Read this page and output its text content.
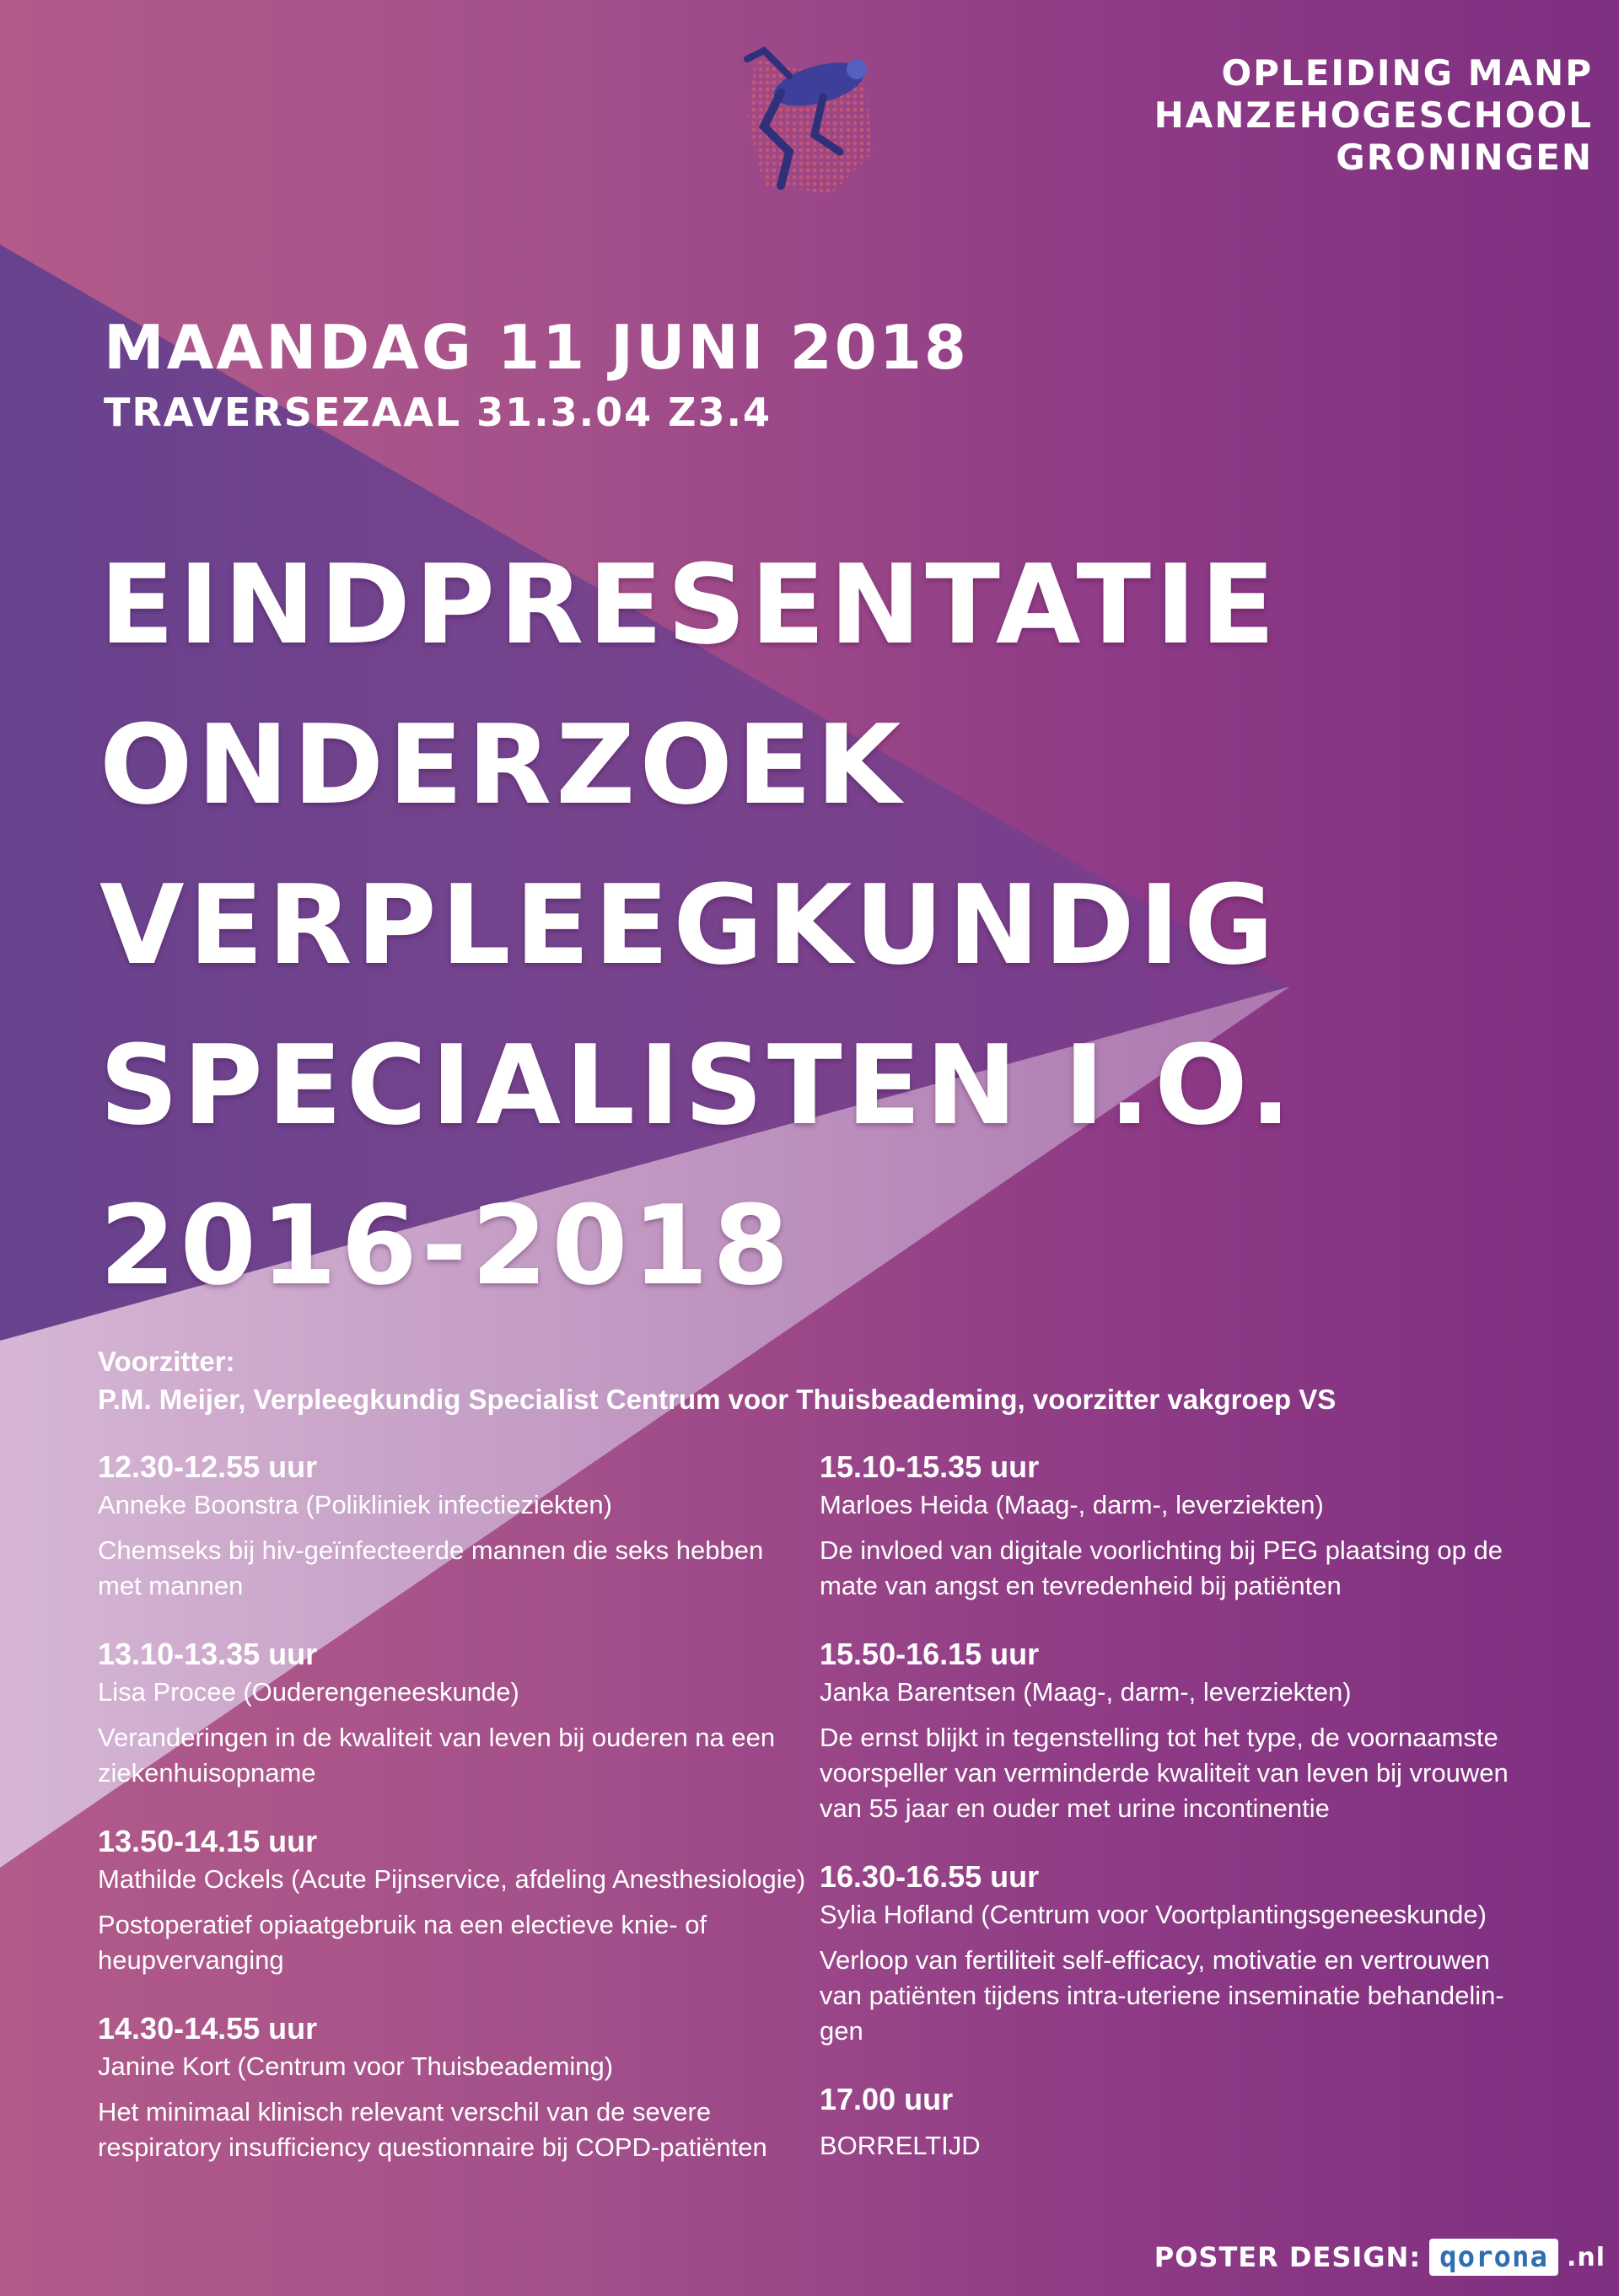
OPLEIDING MANP
HANZEHOGESCHOOL
GRONINGEN
MAANDAG 11 JUNI 2018
TRAVERSEZAAL 31.3.04 Z3.4
EINDPRESENTATIE
ONDERZOEK
VERPLEEGKUNDIG
SPECIALISTEN I.O.
2016-2018
Voorzitter:
P.M. Meijer, Verpleegkundig Specialist Centrum voor Thuisbeademing, voorzitter vakgroep VS
12.30-12.55 uur
Anneke Boonstra (Polikliniek infectieziekten)
Chemseks bij hiv-geïnfecteerde mannen die seks hebben met mannen
13.10-13.35 uur
Lisa Procee (Ouderengeneeskunde)
Veranderingen in de kwaliteit van leven bij ouderen na een ziekenhuisopname
13.50-14.15 uur
Mathilde Ockels (Acute Pijnservice, afdeling Anesthesiologie)
Postoperatief opiaatgebruik na een electieve knie- of heupvervanging
14.30-14.55 uur
Janine Kort (Centrum voor Thuisbeademing)
Het minimaal klinisch relevant verschil van de severe respiratory insufficiency questionnaire bij COPD-patiënten
15.10-15.35 uur
Marloes Heida (Maag-, darm-, leverziekten)
De invloed van digitale voorlichting bij PEG plaatsing op de mate van angst en tevredenheid bij patiënten
15.50-16.15 uur
Janka Barentsen (Maag-, darm-, leverziekten)
De ernst blijkt in tegenstelling tot het type, de voornaamste voorspeller van verminderde kwaliteit van leven bij vrouwen van 55 jaar en ouder met urine incontinentie
16.30-16.55 uur
Sylia Hofland (Centrum voor Voortplantingsgeneeskunde)
Verloop van fertiliteit self-efficacy, motivatie en vertrouwen van patiënten tijdens intra-uteriene inseminatie behandelin-gen
17.00 uur
BORRELTIJD
POSTER DESIGN: qorona .nl
